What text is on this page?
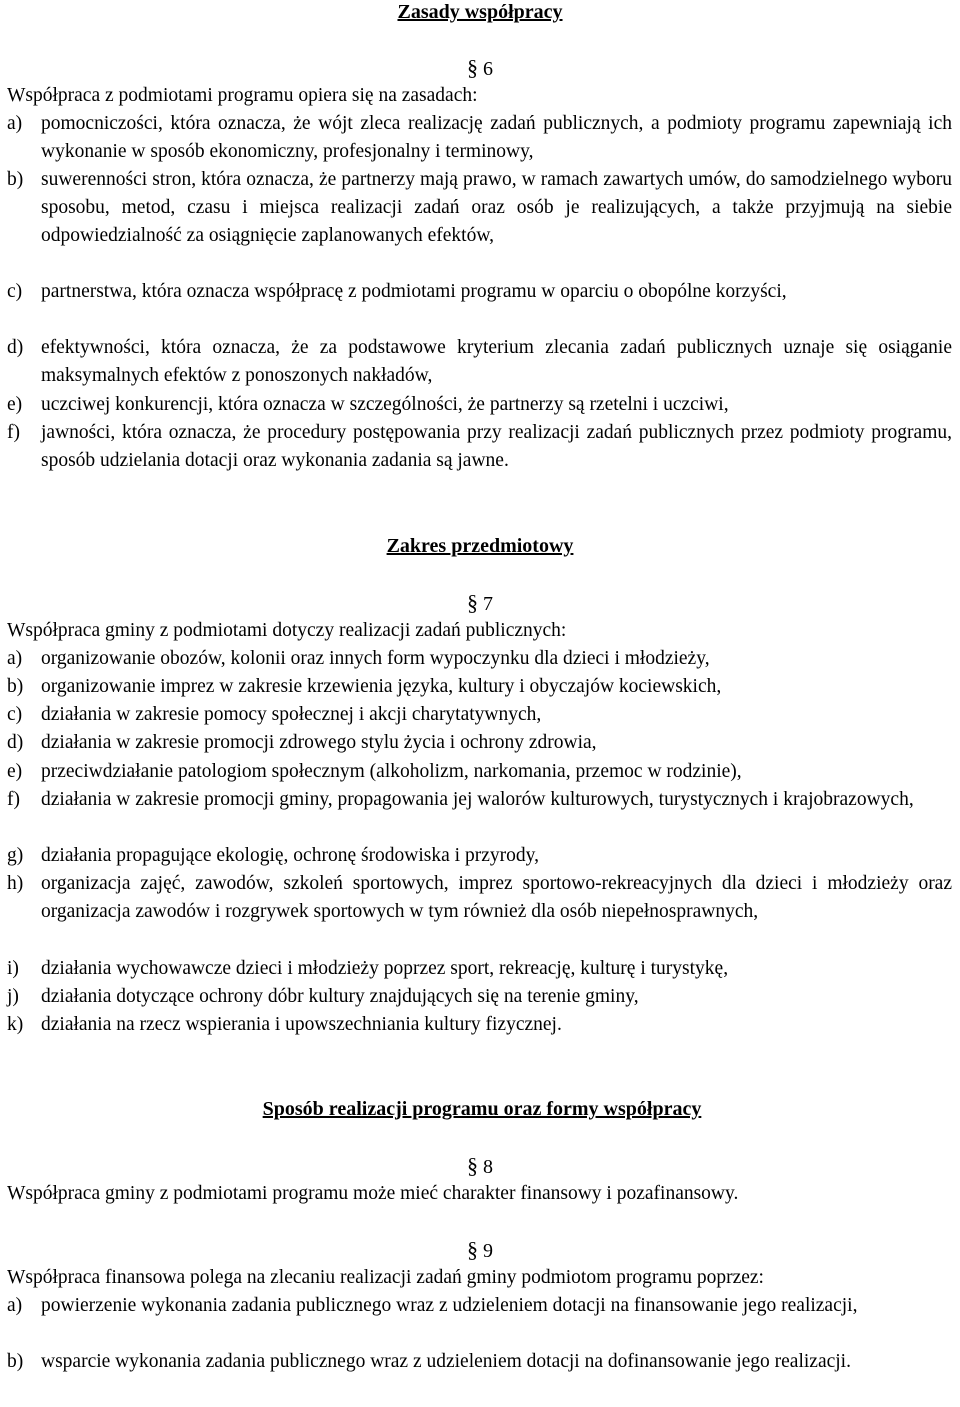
Zasady współpracy
§ 6
Współpraca z podmiotami programu opiera się na zasadach:
a) pomocniczości, która oznacza, że wójt zleca realizację zadań publicznych, a podmioty programu zapewniają ich wykonanie w sposób ekonomiczny, profesjonalny i terminowy,
b) suwerenności stron, która oznacza, że partnerzy mają prawo, w ramach zawartych umów, do samodzielnego wyboru sposobu, metod, czasu i miejsca realizacji zadań oraz osób je realizujących, a także przyjmują na siebie odpowiedzialność za osiągnięcie zaplanowanych efektów,
c) partnerstwa, która oznacza współpracę z podmiotami programu w oparciu o obopólne korzyści,
d) efektywności, która oznacza, że za podstawowe kryterium zlecania zadań publicznych uznaje się osiąganie maksymalnych efektów z ponoszonych nakładów,
e) uczciwej konkurencji, która oznacza w szczególności, że partnerzy są rzetelni i uczciwi,
f) jawności, która oznacza, że procedury postępowania przy realizacji zadań publicznych przez podmioty programu, sposób udzielania dotacji oraz wykonania zadania są jawne.
Zakres przedmiotowy
§ 7
Współpraca gminy z podmiotami dotyczy realizacji zadań publicznych:
a) organizowanie obozów, kolonii oraz innych form wypoczynku dla dzieci i młodzieży,
b) organizowanie imprez w zakresie krzewienia języka, kultury i obyczajów kociewskich,
c) działania w zakresie pomocy społecznej i akcji charytatywnych,
d) działania w zakresie promocji zdrowego stylu życia i ochrony zdrowia,
e) przeciwdziałanie patologiom społecznym (alkoholizm, narkomania, przemoc w rodzinie),
f) działania w zakresie promocji gminy, propagowania jej walorów kulturowych, turystycznych i krajobrazowych,
g) działania propagujące ekologię, ochronę środowiska i przyrody,
h) organizacja zajęć, zawodów, szkoleń sportowych, imprez sportowo-rekreacyjnych dla dzieci i młodzieży oraz organizacja zawodów i rozgrywek sportowych w tym również dla osób niepełnosprawnych,
i) działania wychowawcze dzieci i młodzieży poprzez sport, rekreację, kulturę i turystykę,
j) działania dotyczące ochrony dóbr kultury znajdujących się na terenie gminy,
k) działania na rzecz wspierania i upowszechniania kultury fizycznej.
Sposób realizacji programu oraz formy współpracy
§ 8
Współpraca gminy z podmiotami programu może mieć charakter finansowy i pozafinansowy.
§ 9
Współpraca finansowa polega na zlecaniu realizacji zadań gminy podmiotom programu poprzez:
a) powierzenie wykonania zadania publicznego wraz z udzieleniem dotacji na finansowanie jego realizacji,
b) wsparcie wykonania zadania publicznego wraz z udzieleniem dotacji na dofinansowanie jego realizacji.
